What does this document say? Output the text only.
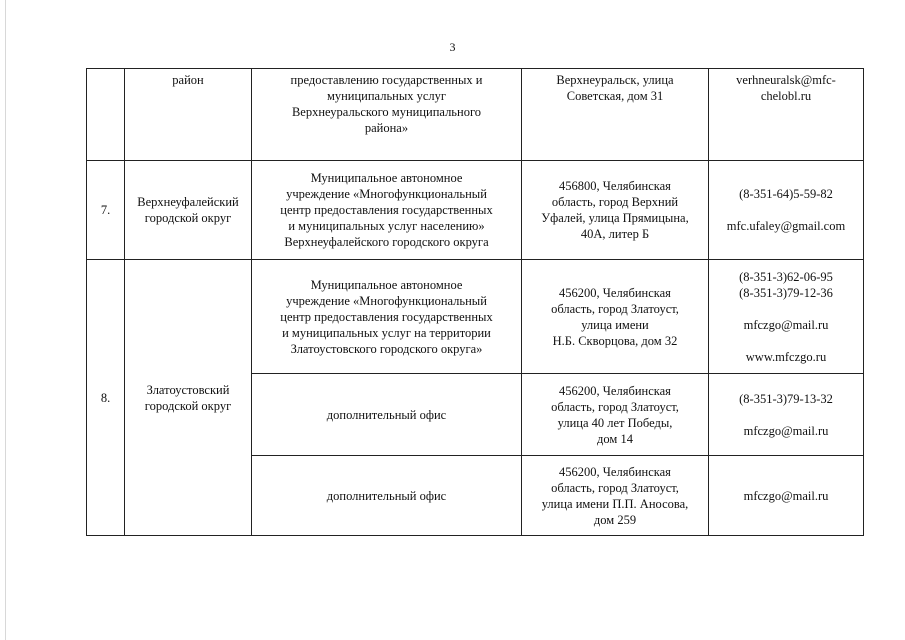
3

	район	предоставлению государственных и
муниципальных услуг
Верхнеуральского муниципального
района»	Верхнеуральск, улица
Советская, дом 31	verhneuralsk@mfc-
chelobl.ru

7.	Верхнеуфалейский
городской округ	Муниципальное автономное
учреждение «Многофункциональный
центр предоставления государственных
и муниципальных услуг населению»
Верхнеуфалейского городского округа	456800, Челябинская
область, город Верхний
Уфалей, улица Прямицына,
40А, литер Б	(8-351-64)5-59-82
mfc.ufaley@gmail.com

8.	Златоустовский
городской округ	Муниципальное автономное
учреждение «Многофункциональный
центр предоставления государственных
и муниципальных услуг на территории
Златоустовского городского округа»	456200, Челябинская
область, город Златоуст,
улица имени
Н.Б. Скворцова, дом 32	(8-351-3)62-06-95
(8-351-3)79-12-36
mfczgo@mail.ru
www.mfczgo.ru

		дополнительный офис	456200, Челябинская
область, город Златоуст,
улица 40 лет Победы,
дом 14	(8-351-3)79-13-32
mfczgo@mail.ru

		дополнительный офис	456200, Челябинская
область, город Златоуст,
улица имени П.П. Аносова,
дом 259	mfczgo@mail.ru
